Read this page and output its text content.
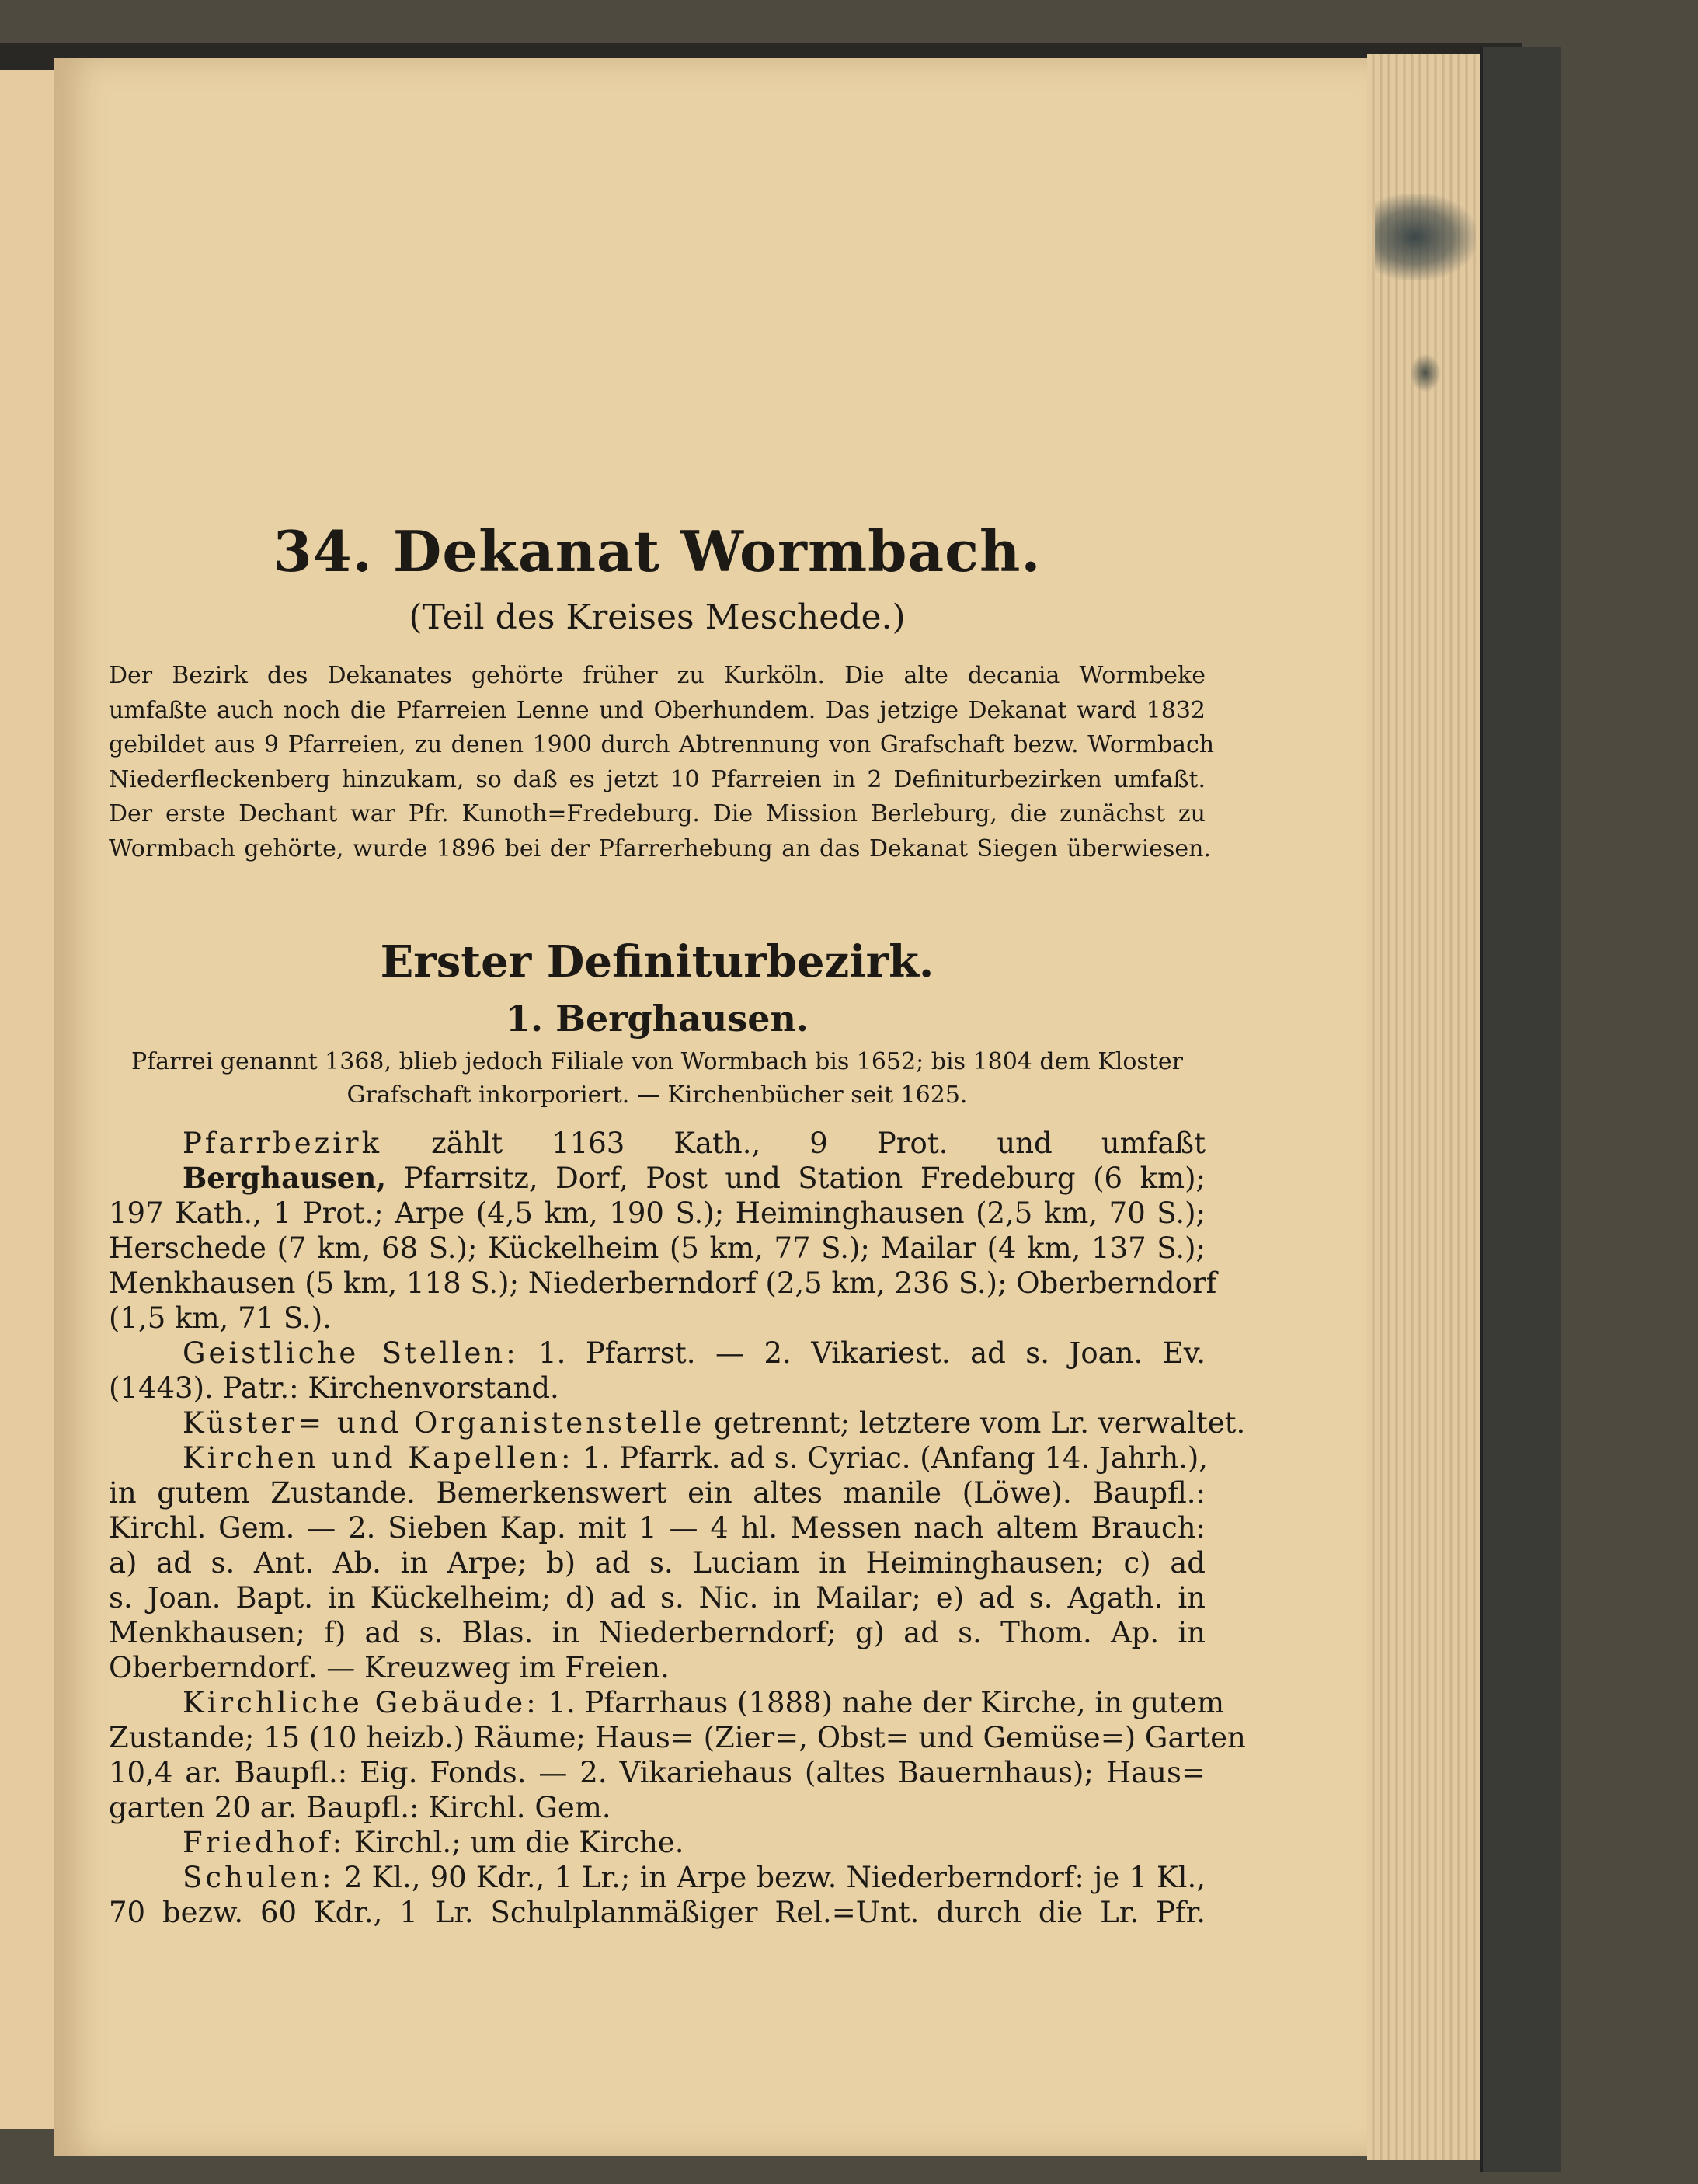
34. Dekanat Wormbach.
(Teil des Kreises Meschede.)

Der Bezirk des Dekanates gehörte früher zu Kurköln. Die alte decania Wormbeke

umfaßte auch noch die Pfarreien Lenne und Oberhundem. Das jetzige Dekanat ward 1832

gebildet aus 9 Pfarreien, zu denen 1900 durch Abtrennung von Grafschaft bezw. Wormbach

Niederfleckenberg hinzukam, so daß es jetzt 10 Pfarreien in 2 Definiturbezirken umfaßt.

Der erste Dechant war Pfr. Kunoth=Fredeburg. Die Mission Berleburg, die zunächst zu

Wormbach gehörte, wurde 1896 bei der Pfarrerhebung an das Dekanat Siegen überwiesen.

Erster Definiturbezirk.
1. Berghausen.

Pfarrei genannt 1368, blieb jedoch Filiale von Wormbach bis 1652; bis 1804 dem Kloster

Grafschaft inkorporiert. — Kirchenbücher seit 1625.

Pfarrbezirk zählt 1163 Kath., 9 Prot. und umfaßt

Berghausen, Pfarrsitz, Dorf, Post und Station Fredeburg (6 km);

197 Kath., 1 Prot.; Arpe (4,5 km, 190 S.); Heiminghausen (2,5 km, 70 S.);

Herschede (7 km, 68 S.); Kückelheim (5 km, 77 S.); Mailar (4 km, 137 S.);

Menkhausen (5 km, 118 S.); Niederberndorf (2,5 km, 236 S.); Oberberndorf

(1,5 km, 71 S.).

Geistliche Stellen: 1. Pfarrst. — 2. Vikariest. ad s. Joan. Ev.

(1443). Patr.: Kirchenvorstand.

Küster= und Organistenstelle getrennt; letztere vom Lr. verwaltet.

Kirchen und Kapellen: 1. Pfarrk. ad s. Cyriac. (Anfang 14. Jahrh.),

in gutem Zustande. Bemerkenswert ein altes manile (Löwe). Baupfl.:

Kirchl. Gem. — 2. Sieben Kap. mit 1 — 4 hl. Messen nach altem Brauch:

a) ad s. Ant. Ab. in Arpe; b) ad s. Luciam in Heiminghausen; c) ad

s. Joan. Bapt. in Kückelheim; d) ad s. Nic. in Mailar; e) ad s. Agath. in

Menkhausen; f) ad s. Blas. in Niederberndorf; g) ad s. Thom. Ap. in

Oberberndorf. — Kreuzweg im Freien.

Kirchliche Gebäude: 1. Pfarrhaus (1888) nahe der Kirche, in gutem

Zustande; 15 (10 heizb.) Räume; Haus= (Zier=, Obst= und Gemüse=) Garten

10,4 ar. Baupfl.: Eig. Fonds. — 2. Vikariehaus (altes Bauernhaus); Haus=

garten 20 ar. Baupfl.: Kirchl. Gem.

Friedhof: Kirchl.; um die Kirche.

Schulen: 2 Kl., 90 Kdr., 1 Lr.; in Arpe bezw. Niederberndorf: je 1 Kl.,

70 bezw. 60 Kdr., 1 Lr. Schulplanmäßiger Rel.=Unt. durch die Lr. Pfr.
